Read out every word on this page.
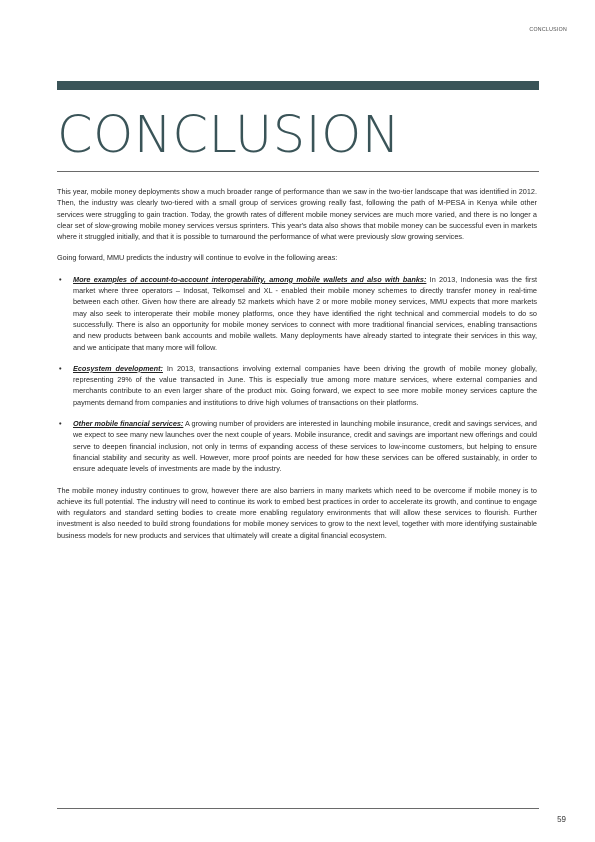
CONCLUSION
CONCLUSION

This year, mobile money deployments show a much broader range of performance than we saw in the two-tier landscape that was identified in 2012. Then, the industry was clearly two-tiered with a small group of services growing really fast, following the path of M-PESA in Kenya while other services were struggling to gain traction. Today, the growth rates of different mobile money services are much more varied, and there is no longer a clear set of slow-growing mobile money services versus sprinters. This year's data also shows that mobile money can be successful even in markets where it struggled initially, and that it is possible to turnaround the performance of what were previously slow growing services.

Going forward, MMU predicts the industry will continue to evolve in the following areas:

• More examples of account-to-account interoperability, among mobile wallets and also with banks: In 2013, Indonesia was the first market where three operators – Indosat, Telkomsel and XL - enabled their mobile money schemes to directly transfer money in real-time between each other. Given how there are already 52 markets which have 2 or more mobile money services, MMU expects that more markets may also seek to interoperate their mobile money platforms, once they have identified the right technical and commercial models to do so successfully. There is also an opportunity for mobile money services to connect with more traditional financial services, enabling transactions and new products between bank accounts and mobile wallets. Many deployments have already started to integrate their services in this way, and we anticipate that many more will follow.
• Ecosystem development: In 2013, transactions involving external companies have been driving the growth of mobile money globally, representing 29% of the value transacted in June. This is especially true among more mature services, where external companies and merchants contribute to an even larger share of the product mix. Going forward, we expect to see more mobile money services capture the payments demand from companies and institutions to drive high volumes of transactions on their platforms.
• Other mobile financial services: A growing number of providers are interested in launching mobile insurance, credit and savings services, and we expect to see many new launches over the next couple of years. Mobile insurance, credit and savings are important new offerings and could serve to deepen financial inclusion, not only in terms of expanding access of these services to low-income customers, but helping to ensure financial stability and security as well. However, more proof points are needed for how these services can be offered sustainably, in order to ensure adequate levels of investments are made by the industry.

The mobile money industry continues to grow, however there are also barriers in many markets which need to be overcome if mobile money is to achieve its full potential. The industry will need to continue its work to embed best practices in order to accelerate its growth, and continue to engage with regulators and standard setting bodies to create more enabling regulatory environments that will allow these services to flourish. Further investment is also needed to build strong foundations for mobile money services to grow to the next level, together with more identifying sustainable business models for new products and services that ultimately will create a digital financial ecosystem.

59
